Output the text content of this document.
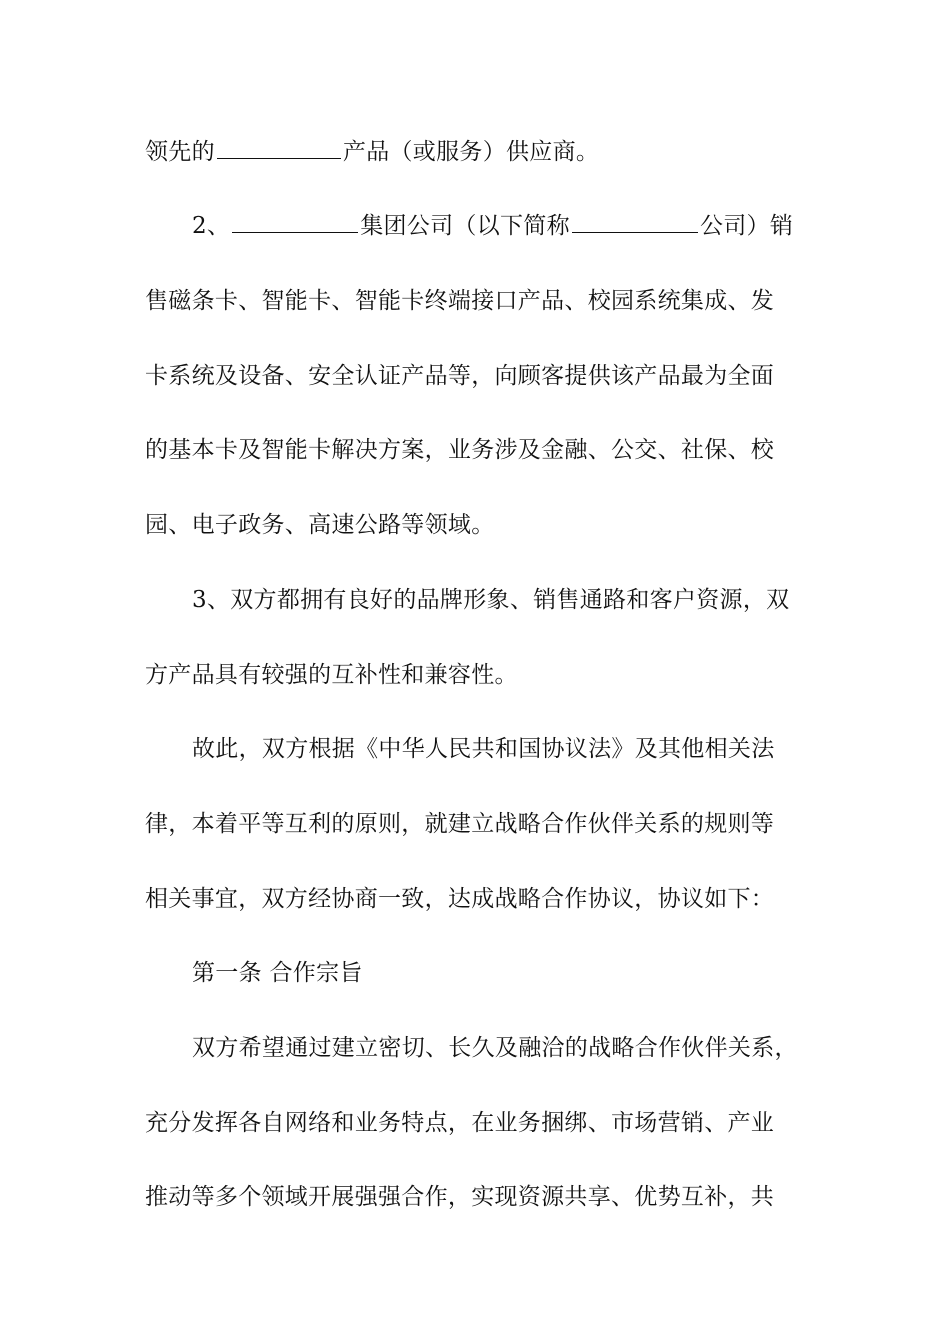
领先的	产品（或服务）供应商。
2、	集团公司（以下简称	公司）销
售磁条卡、智能卡、智能卡终端接口产品、校园系统集成、发
卡系统及设备、安全认证产品等，向顾客提供该产品最为全面
的基本卡及智能卡解决方案，业务涉及金融、公交、社保、校
园、电子政务、高速公路等领域。
3、双方都拥有良好的品牌形象、销售通路和客户资源，双
方产品具有较强的互补性和兼容性。
故此，双方根据《中华人民共和国协议法》及其他相关法
律，本着平等互利的原则，就建立战略合作伙伴关系的规则等
相关事宜，双方经协商一致，达成战略合作协议，协议如下：
第一条 合作宗旨
双方希望通过建立密切、长久及融洽的战略合作伙伴关系，
充分发挥各自网络和业务特点，在业务捆绑、市场营销、产业
推动等多个领域开展强强合作，实现资源共享、优势互补，共
